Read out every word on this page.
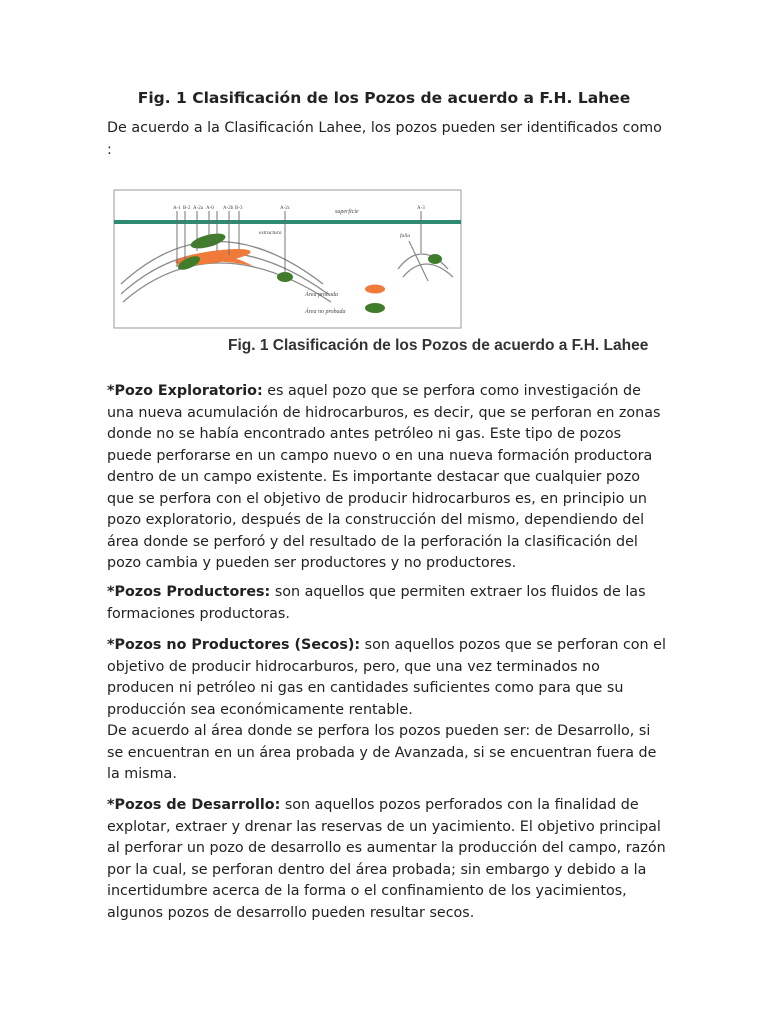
Fig. 1 Clasificación de los Pozos de acuerdo a F.H. Lahee
De acuerdo a la Clasificación Lahee, los pozos pueden ser identificados como :
A-1 B-2 A-2a A-0 A-2b B-3	A-2c	A-3
superficie
estructura	falla
Área probada
Área no probada
Fig. 1 Clasificación de los Pozos de acuerdo a F.H. Lahee

*Pozo Exploratorio: es aquel pozo que se perfora como investigación de una nueva acumulación de hidrocarburos, es decir, que se perforan en zonas donde no se había encontrado antes petróleo ni gas. Este tipo de pozos puede perforarse en un campo nuevo o en una nueva formación productora dentro de un campo existente. Es importante destacar que cualquier pozo que se perfora con el objetivo de producir hidrocarburos es, en principio un pozo exploratorio, después de la construcción del mismo, dependiendo del área donde se perforó y del resultado de la perforación la clasificación del pozo cambia y pueden ser productores y no productores.

*Pozos Productores: son aquellos que permiten extraer los fluidos de las formaciones productoras.

*Pozos no Productores (Secos): son aquellos pozos que se perforan con el objetivo de producir hidrocarburos, pero, que una vez terminados no producen ni petróleo ni gas en cantidades suficientes como para que su producción sea económicamente rentable.
De acuerdo al área donde se perfora los pozos pueden ser: de Desarrollo, si se encuentran en un área probada y de Avanzada, si se encuentran fuera de la misma.

*Pozos de Desarrollo: son aquellos pozos perforados con la finalidad de explotar, extraer y drenar las reservas de un yacimiento. El objetivo principal al perforar un pozo de desarrollo es aumentar la producción del campo, razón por la cual, se perforan dentro del área probada; sin embargo y debido a la incertidumbre acerca de la forma o el confinamiento de los yacimientos, algunos pozos de desarrollo pueden resultar secos.
